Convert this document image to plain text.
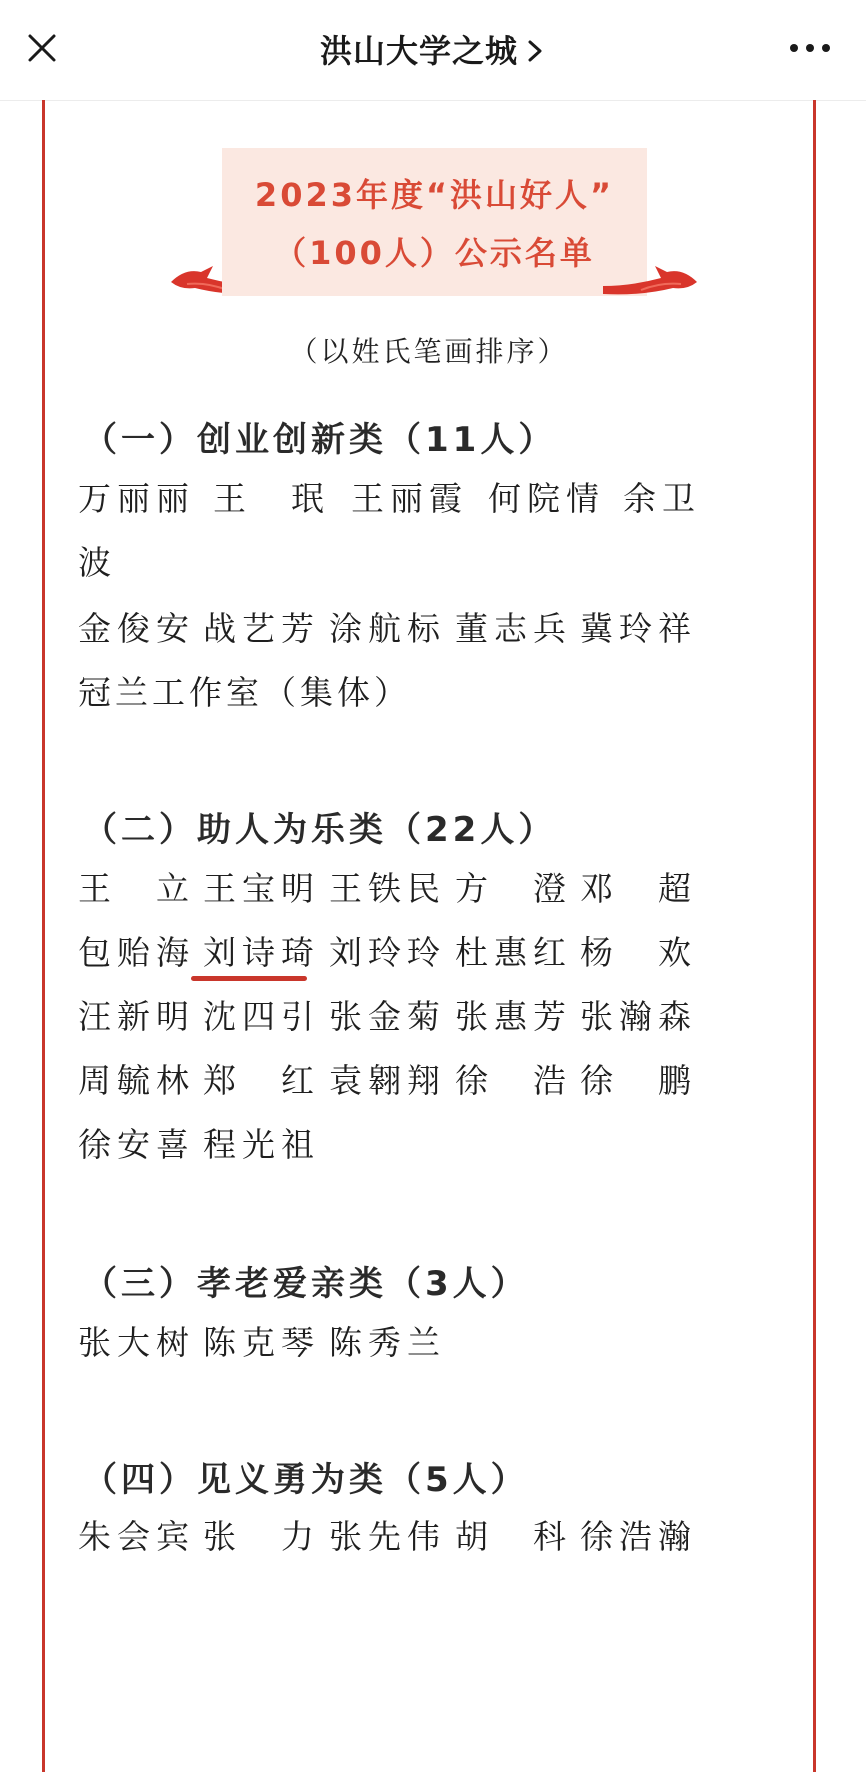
洪山大学之城
2023年度“洪山好人”
（100人）公示名单
（以姓氏笔画排序）
（一）创业创新类（11人）
万丽丽 王　珉 王丽霞 何院情 余卫
波
金俊安 战艺芳 涂航标 董志兵 冀玲祥
冠兰工作室（集体）
（二）助人为乐类（22人）
王　立 王宝明 王铁民 方　澄 邓　超
包贻海 刘诗琦 刘玲玲 杜惠红 杨　欢
汪新明 沈四引 张金菊 张惠芳 张瀚森
周毓林 郑　红 袁翱翔 徐　浩 徐　鹏
徐安喜 程光祖
（三）孝老爱亲类（3人）
张大树 陈克琴 陈秀兰
（四）见义勇为类（5人）
朱会宾 张　力 张先伟 胡　科 徐浩瀚
